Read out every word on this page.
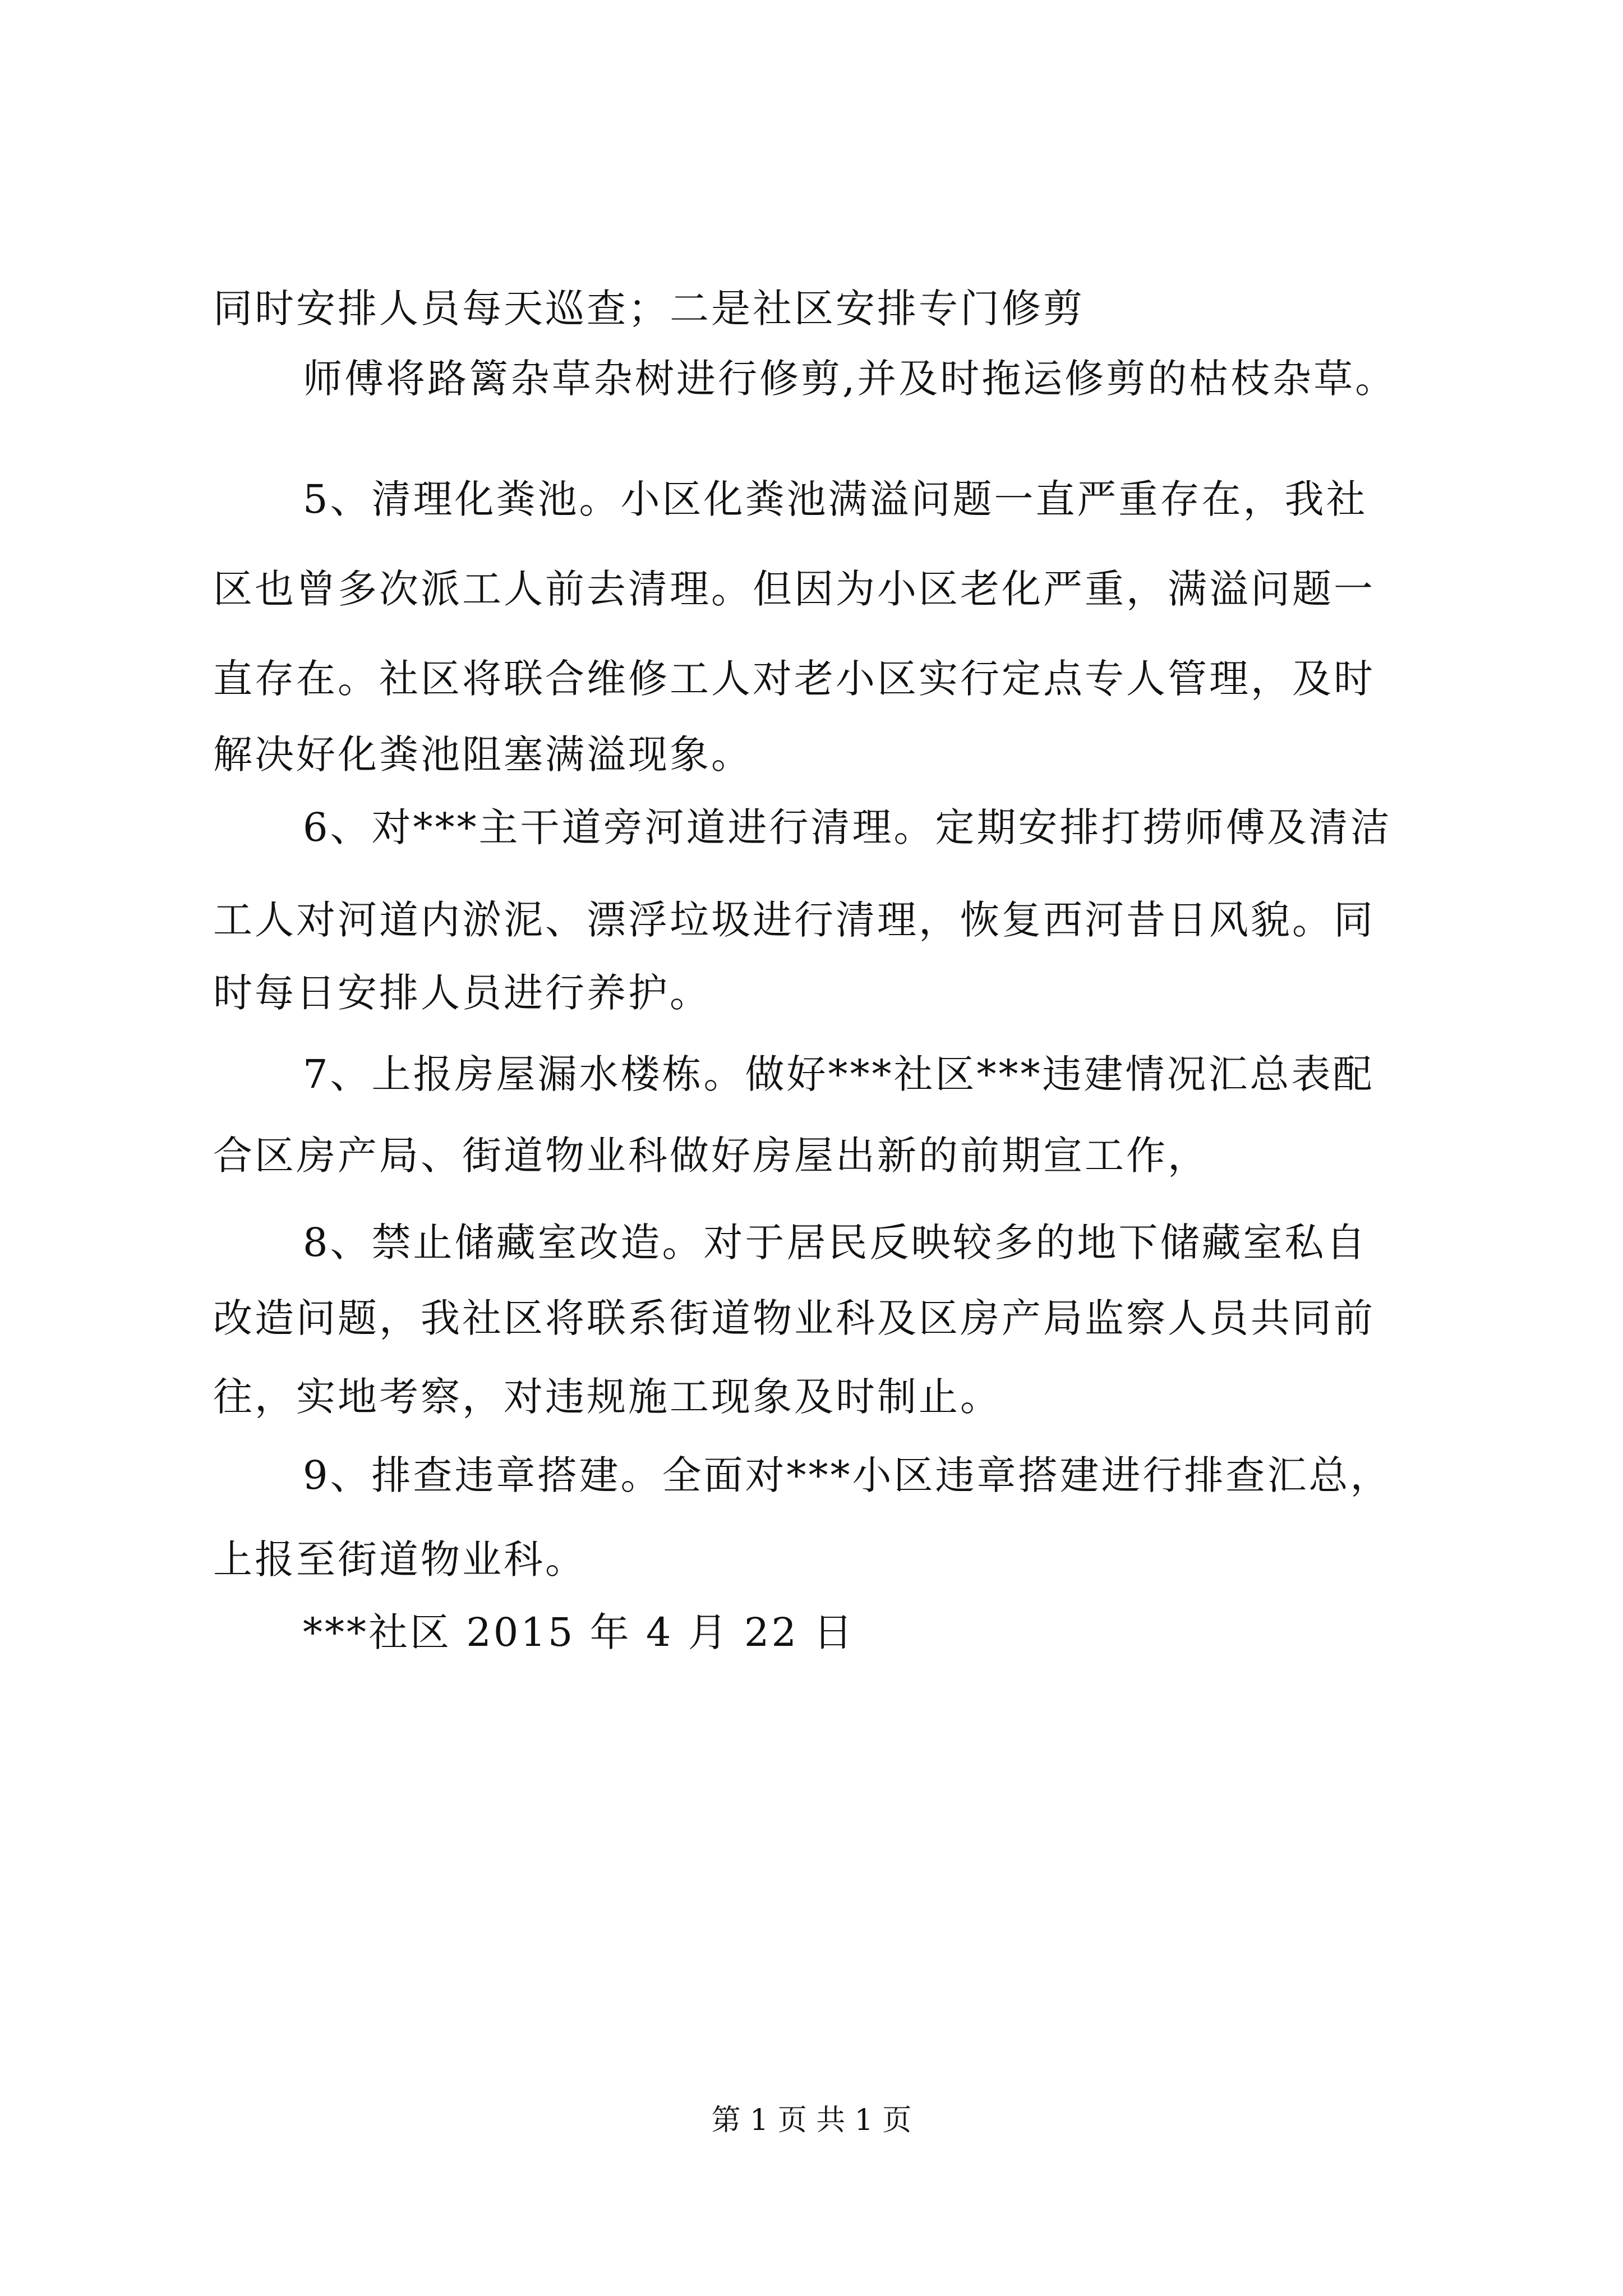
同时安排人员每天巡查；二是社区安排专门修剪
师傅将路篱杂草杂树进行修剪,并及时拖运修剪的枯枝杂草。
5、清理化粪池。小区化粪池满溢问题一直严重存在，我社
区也曾多次派工人前去清理。但因为小区老化严重，满溢问题一
直存在。社区将联合维修工人对老小区实行定点专人管理，及时
解决好化粪池阻塞满溢现象。
6、对***主干道旁河道进行清理。定期安排打捞师傅及清洁
工人对河道内淤泥、漂浮垃圾进行清理，恢复西河昔日风貌。同
时每日安排人员进行养护。
7、上报房屋漏水楼栋。做好***社区***违建情况汇总表配
合区房产局、街道物业科做好房屋出新的前期宣工作，
8、禁止储藏室改造。对于居民反映较多的地下储藏室私自
改造问题，我社区将联系街道物业科及区房产局监察人员共同前
往，实地考察，对违规施工现象及时制止。
9、排查违章搭建。全面对***小区违章搭建进行排查汇总，
上报至街道物业科。
***社区 2015 年 4 月 22 日
第 1 页 共 1 页
